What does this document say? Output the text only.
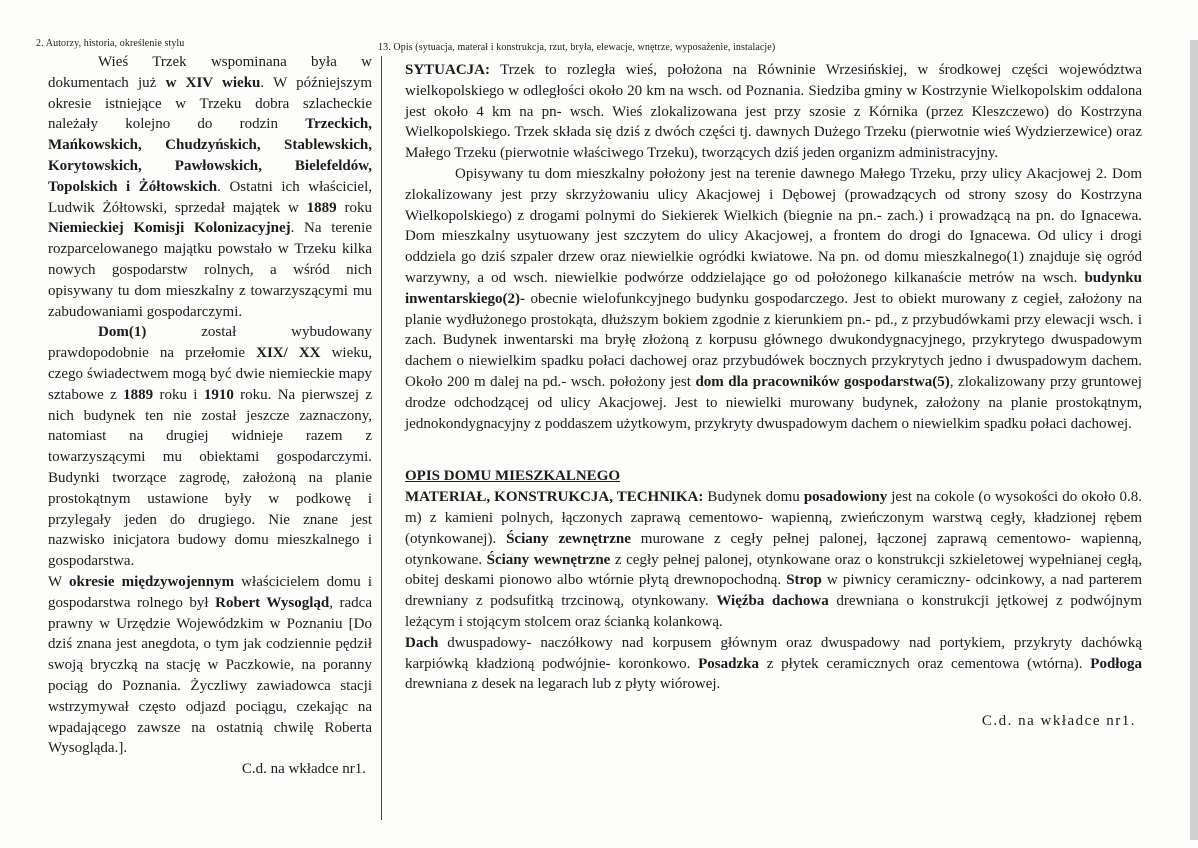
2. Autorzy, historia, określenie stylu	13. Opis (sytuacja, materał i konstrukcja, rzut, bryła, elewacje, wnętrze, wyposażenie, instalacje)

Wieś Trzek wspominana była w dokumentach już w XIV wieku. W późniejszym okresie istniejące w Trzeku dobra szlacheckie należały kolejno do rodzin Trzeckich, Mańkowskich, Chudzyńskich, Stablewskich, Korytowskich, Pawłowskich, Bielefeldów, Topolskich i Żółtowskich. Ostatni ich właściciel, Ludwik Żółtowski, sprzedał majątek w 1889 roku Niemieckiej Komisji Kolonizacyjnej. Na terenie rozparcelowanego majątku powstało w Trzeku kilka nowych gospodarstw rolnych, a wśród nich opisywany tu dom mieszkalny z towarzyszącymi mu zabudowaniami gospodarczymi.

Dom(1) został wybudowany prawdopodobnie na przełomie XIX/ XX wieku, czego świadectwem mogą być dwie niemieckie mapy sztabowe z 1889 roku i 1910 roku. Na pierwszej z nich budynek ten nie został jeszcze zaznaczony, natomiast na drugiej widnieje razem z towarzyszącymi mu obiektami gospodarczymi. Budynki tworzące zagrodę, założoną na planie prostokątnym ustawione były w podkowę i przylegały jeden do drugiego. Nie znane jest nazwisko inicjatora budowy domu mieszkalnego i gospodarstwa.

W okresie międzywojennym właścicielem domu i gospodarstwa rolnego był Robert Wysogląd, radca prawny w Urzędzie Wojewódzkim w Poznaniu [Do dziś znana jest anegdota, o tym jak codziennie pędził swoją bryczką na stację w Paczkowie, na poranny pociąg do Poznania. Życzliwy zawiadowca stacji wstrzymywał często odjazd pociągu, czekając na wpadającego zawsze na ostatnią chwilę Roberta Wysogląda.].

C.d. na wkładce nr1.

SYTUACJA: Trzek to rozległa wieś, położona na Równinie Wrzesińskiej, w środkowej części województwa wielkopolskiego w odległości około 20 km na wsch. od Poznania. Siedziba gminy w Kostrzynie Wielkopolskim oddalona jest około 4 km na pn- wsch. Wieś zlokalizowana jest przy szosie z Kórnika (przez Kleszczewo) do Kostrzyna Wielkopolskiego. Trzek składa się dziś z dwóch części tj. dawnych Dużego Trzeku (pierwotnie wieś Wydzierzewice) oraz Małego Trzeku (pierwotnie właściwego Trzeku), tworzących dziś jeden organizm administracyjny.

Opisywany tu dom mieszkalny położony jest na terenie dawnego Małego Trzeku, przy ulicy Akacjowej 2. Dom zlokalizowany jest przy skrzyżowaniu ulicy Akacjowej i Dębowej (prowadzących od strony szosy do Kostrzyna Wielkopolskiego) z drogami polnymi do Siekierek Wielkich (biegnie na pn.- zach.) i prowadzącą na pn. do Ignacewa. Dom mieszkalny usytuowany jest szczytem do ulicy Akacjowej, a frontem do drogi do Ignacewa. Od ulicy i drogi oddziela go dziś szpaler drzew oraz niewielkie ogródki kwiatowe. Na pn. od domu mieszkalnego(1) znajduje się ogród warzywny, a od wsch. niewielkie podwórze oddzielające go od położonego kilkanaście metrów na wsch. budynku inwentarskiego(2)- obecnie wielofunkcyjnego budynku gospodarczego. Jest to obiekt murowany z cegieł, założony na planie wydłużonego prostokąta, dłuższym bokiem zgodnie z kierunkiem pn.- pd., z przybudówkami przy elewacji wsch. i zach. Budynek inwentarski ma bryłę złożoną z korpusu głównego dwukondygnacyjnego, przykrytego dwuspadowym dachem o niewielkim spadku połaci dachowej oraz przybudówek bocznych przykrytych jedno i dwuspadowym dachem. Około 200 m dalej na pd.- wsch. położony jest dom dla pracowników gospodarstwa(5), zlokalizowany przy gruntowej drodze odchodzącej od ulicy Akacjowej. Jest to niewielki murowany budynek, założony na planie prostokątnym, jednokondygnacyjny z poddaszem użytkowym, przykryty dwuspadowym dachem o niewielkim spadku połaci dachowej.

OPIS DOMU MIESZKALNEGO

MATERIAŁ, KONSTRUKCJA, TECHNIKA: Budynek domu posadowiony jest na cokole (o wysokości do około 0.8. m) z kamieni polnych, łączonych zaprawą cementowo- wapienną, zwieńczonym warstwą cegły, kładzionej rębem (otynkowanej). Ściany zewnętrzne murowane z cegły pełnej palonej, łączonej zaprawą cementowo- wapienną, otynkowane. Ściany wewnętrzne z cegły pełnej palonej, otynkowane oraz o konstrukcji szkieletowej wypełnianej cegłą, obitej deskami pionowo albo wtórnie płytą drewnopochodną. Strop w piwnicy ceramiczny- odcinkowy, a nad parterem drewniany z podsufitką trzcinową, otynkowany. Więźba dachowa drewniana o konstrukcji jętkowej z podwójnym leżącym i stojącym stolcem oraz ścianką kolankową.

Dach dwuspadowy- naczółkowy nad korpusem głównym oraz dwuspadowy nad portykiem, przykryty dachówką karpiówką kładzioną podwójnie- koronkowo. Posadzka z płytek ceramicznych oraz cementowa (wtórna). Podłoga drewniana z desek na legarach lub z płyty wiórowej.

C.d. na wkładce nr1.
